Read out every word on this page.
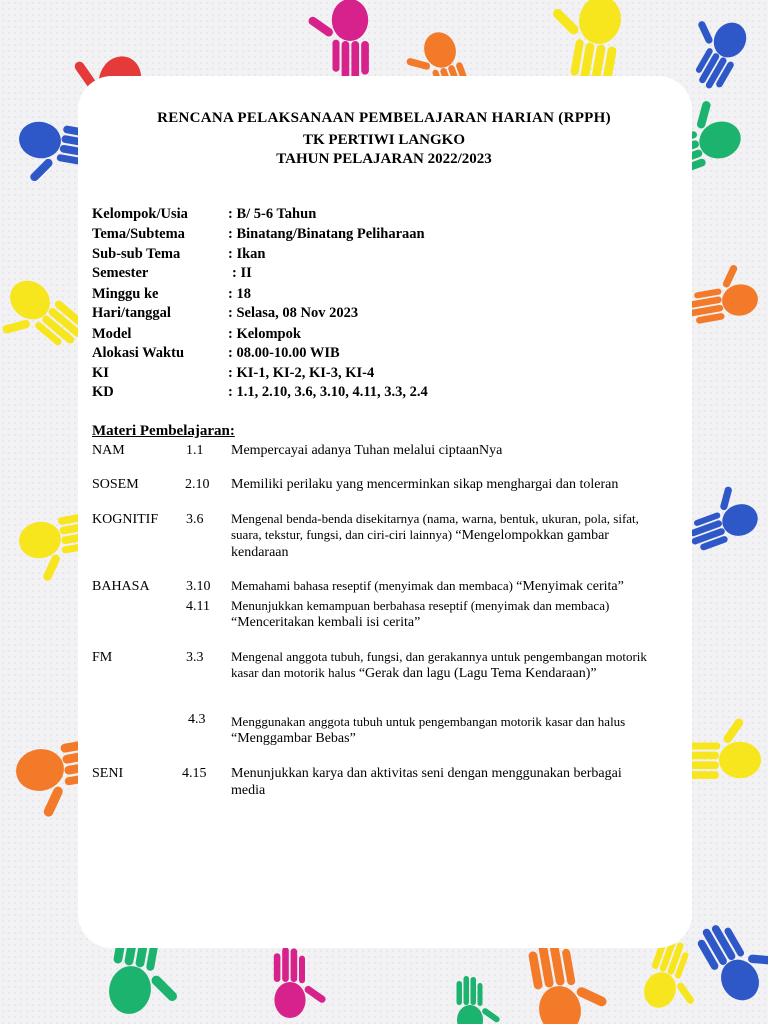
RENCANA PELAKSANAAN PEMBELAJARAN HARIAN (RPPH)
TK PERTIWI LANGKO
TAHUN PELAJARAN 2022/2023
Kelompok/Usia	: B/ 5-6 Tahun
Tema/Subtema	: Binatang/Binatang Peliharaan
Sub-sub Tema	: Ikan
Semester	: II
Minggu ke	: 18
Hari/tanggal	: Selasa, 08 Nov 2023
Model	: Kelompok
Alokasi Waktu	: 08.00-10.00 WIB
KI	: KI-1, KI-2, KI-3, KI-4
KD	: 1.1, 2.10, 3.6, 3.10, 4.11, 3.3, 2.4
Materi Pembelajaran:
NAM	1.1 Mempercayai adanya Tuhan melalui ciptaanNya
SOSEM	2.10 Memiliki perilaku yang mencerminkan sikap menghargai dan toleran
KOGNITIF 3.6 Mengenal benda-benda disekitarnya (nama, warna, bentuk, ukuran, pola, sifat, suara, tekstur, fungsi, dan ciri-ciri lainnya) “Mengelompokkan gambar kendaraan
BAHASA	3.10 Memahami bahasa reseptif (menyimak dan membaca) “Menyimak cerita”
4.11 Menunjukkan kemampuan berbahasa reseptif (menyimak dan membaca)
“Menceritakan kembali isi cerita”
FM	3.3 Mengenal anggota tubuh, fungsi, dan gerakannya untuk pengembangan motorik kasar dan motorik halus “Gerak dan lagu (Lagu Tema Kendaraan)”
4.3 Menggunakan anggota tubuh untuk pengembangan motorik kasar dan halus
“Menggambar Bebas”
SENI	4.15 Menunjukkan karya dan aktivitas seni dengan menggunakan berbagai media
